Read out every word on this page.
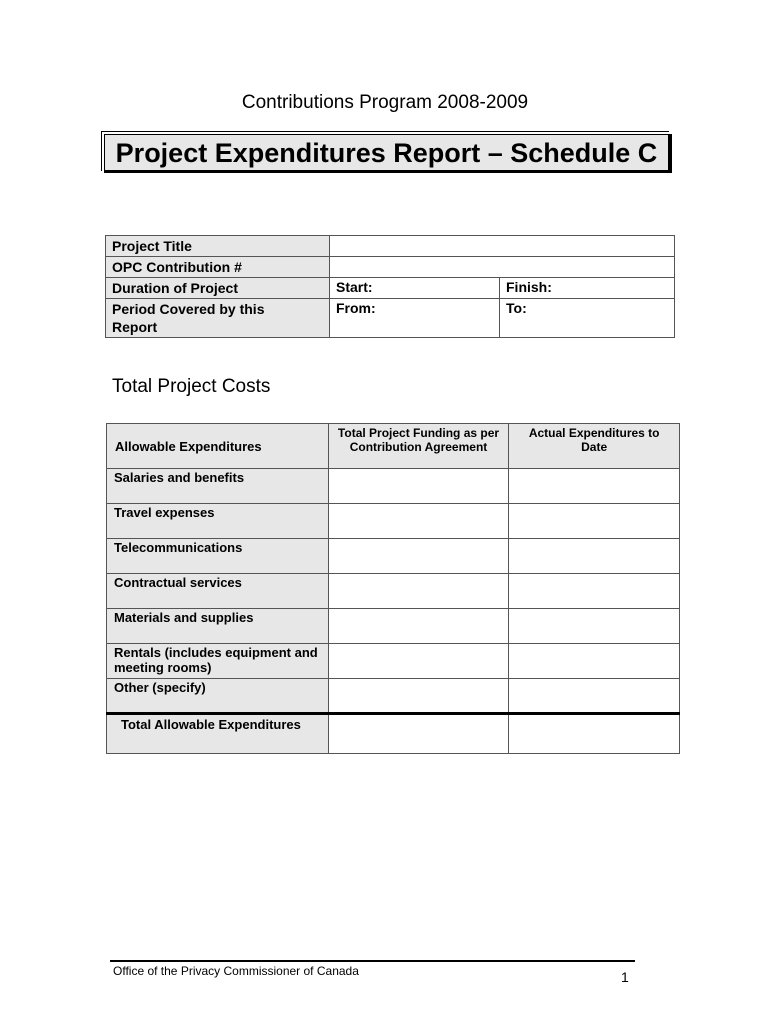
Contributions Program 2008-2009
Project Expenditures Report – Schedule C
Project Title		
OPC Contribution #		
Duration of Project	Start:	Finish:
Period Covered by this
Report	From:	To:
Total Project Costs
Allowable Expenditures	Total Project Funding as per Contribution Agreement	Actual Expenditures to Date
Salaries and benefits		
Travel expenses		
Telecommunications		
Contractual services		
Materials and supplies		
Rentals (includes equipment and meeting rooms)		
Other (specify)		
Total Allowable Expenditures		
Office of the Privacy Commissioner of Canada	1
